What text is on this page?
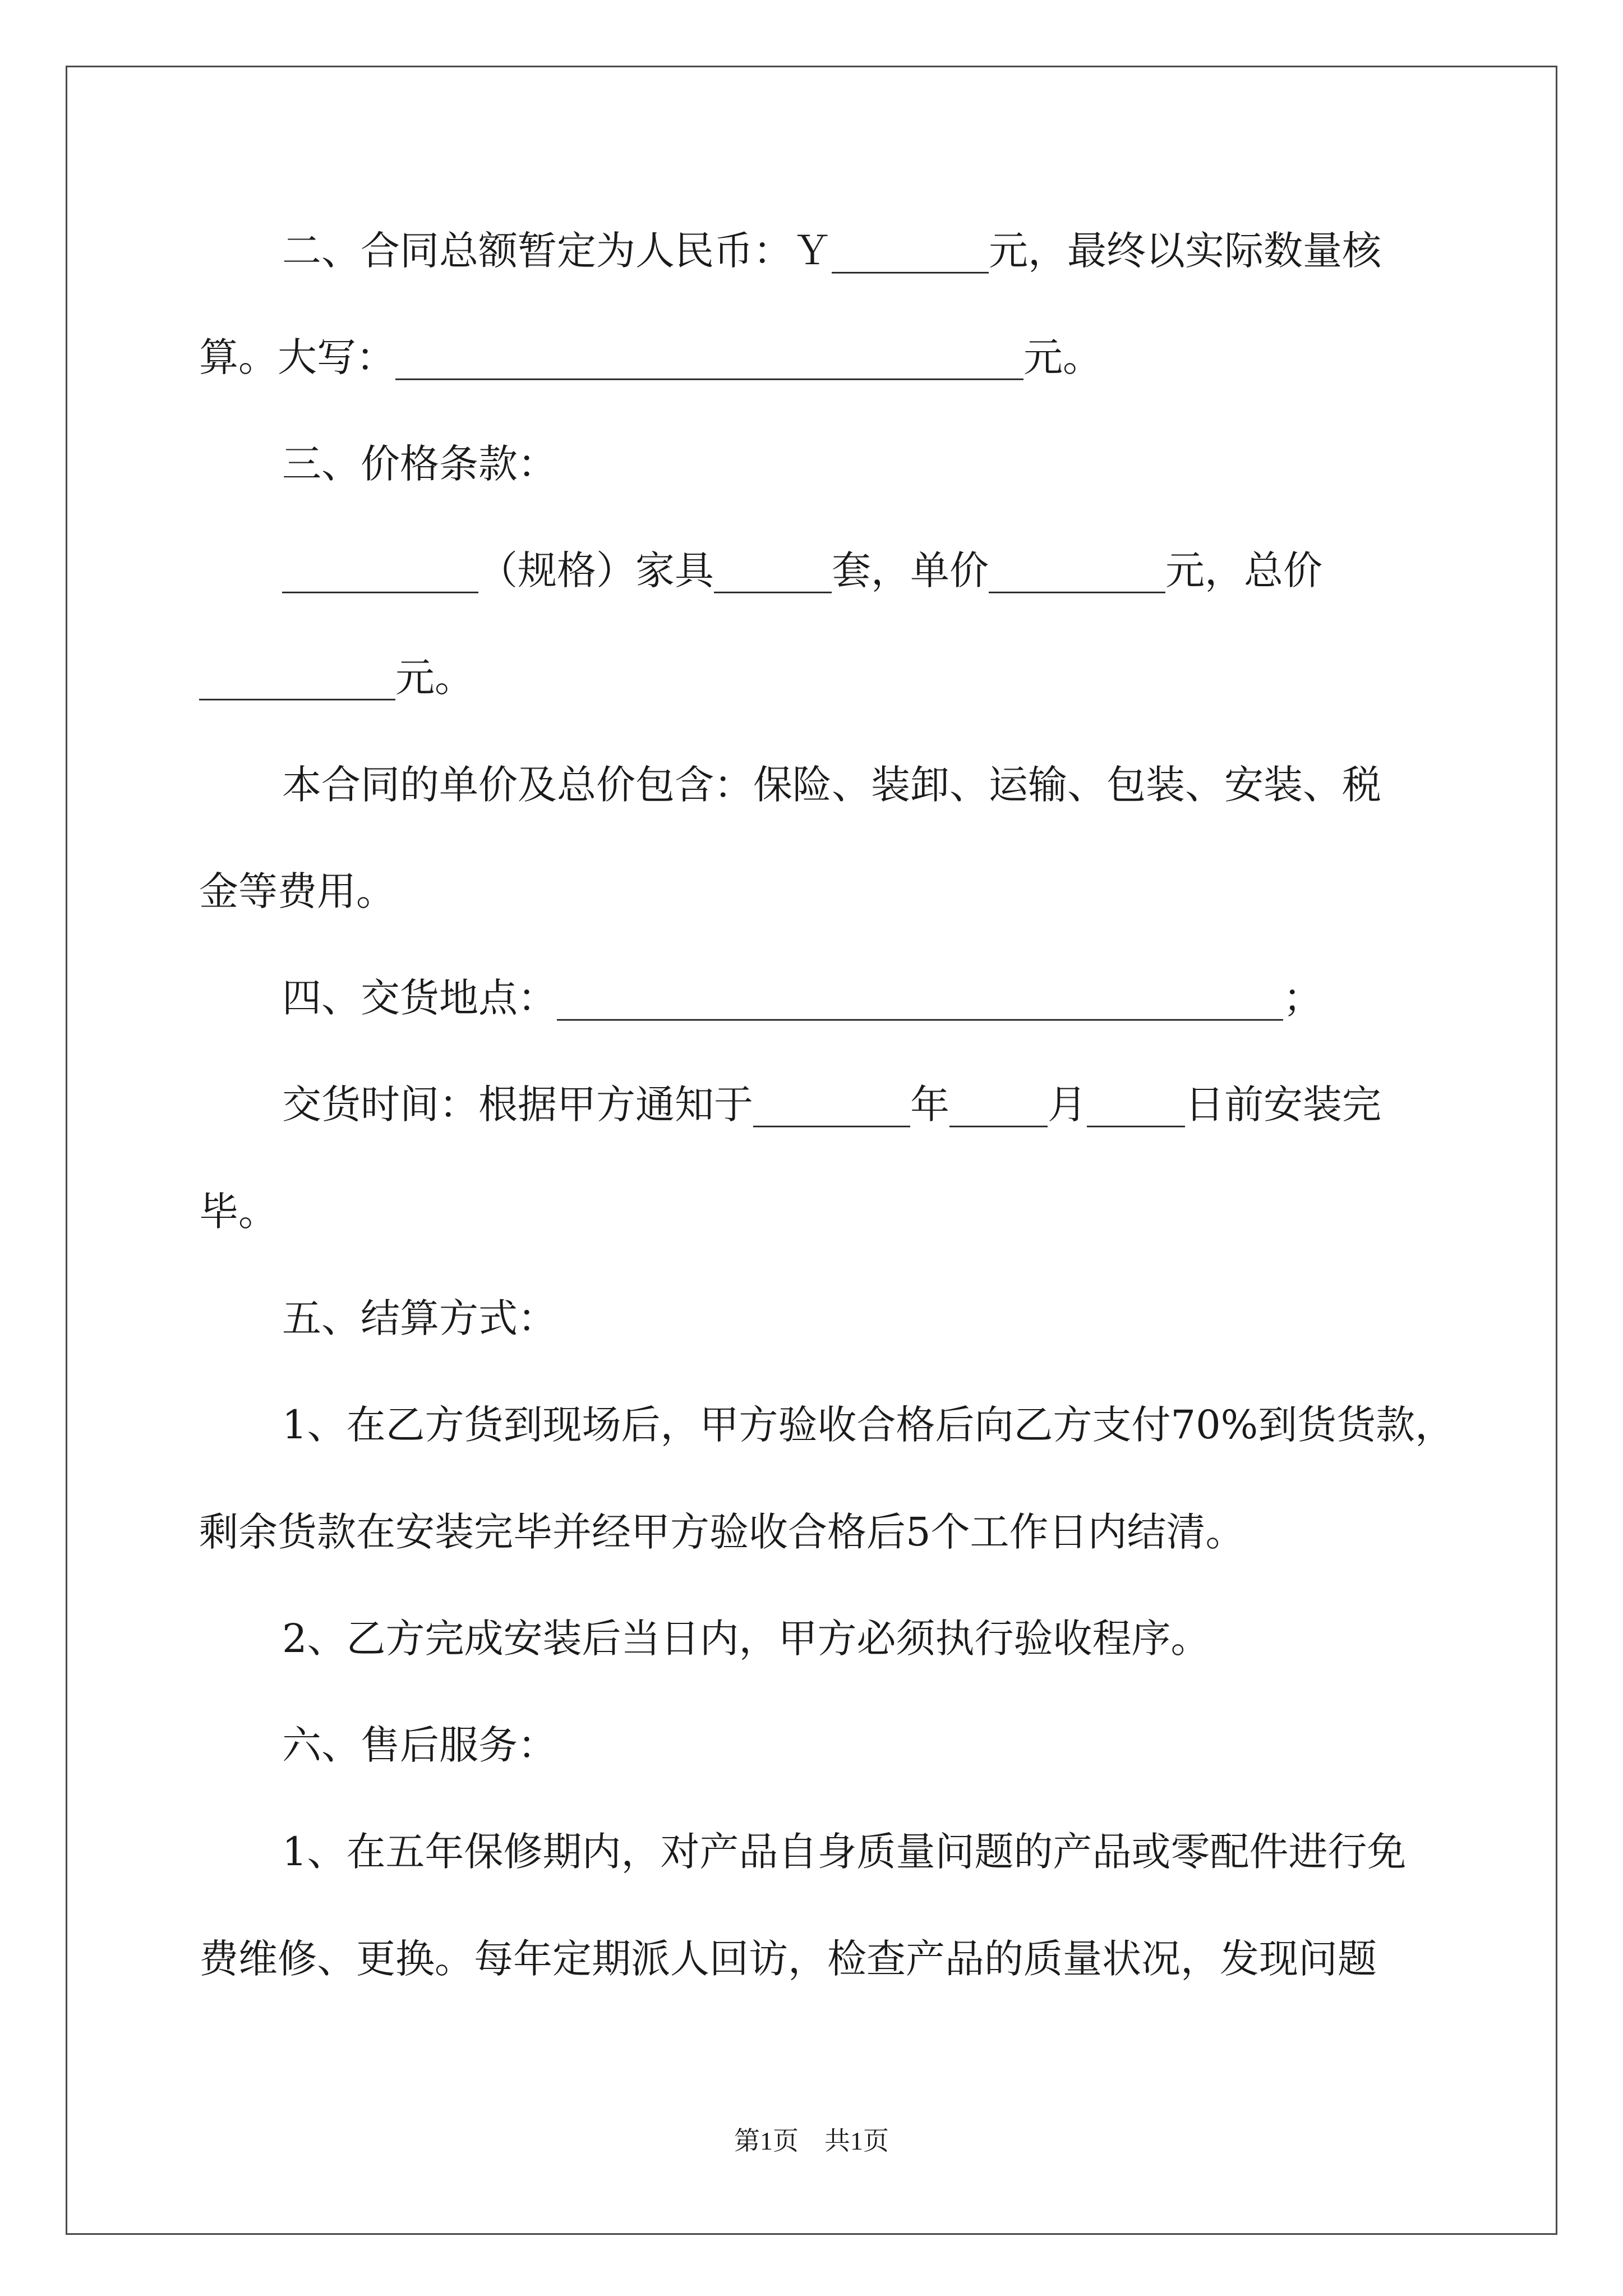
二、合同总额暂定为人民币：Ｙ________元，最终以实际数量核

算。大写：________________________________元。

三、价格条款：

__________（规格）家具______套，单价_________元，总价

__________元。

本合同的单价及总价包含：保险、装卸、运输、包装、安装、税

金等费用。

四、交货地点：_____________________________________；

交货时间：根据甲方通知于________年_____月_____日前安装完

毕。

五、结算方式：

1、在乙方货到现场后，甲方验收合格后向乙方支付70%到货货款，

剩余货款在安装完毕并经甲方验收合格后5个工作日内结清。

2、乙方完成安装后当日内，甲方必须执行验收程序。

六、售后服务：

1、在五年保修期内，对产品自身质量问题的产品或零配件进行免

费维修、更换。每年定期派人回访，检查产品的质量状况，发现问题

第1页　共1页
